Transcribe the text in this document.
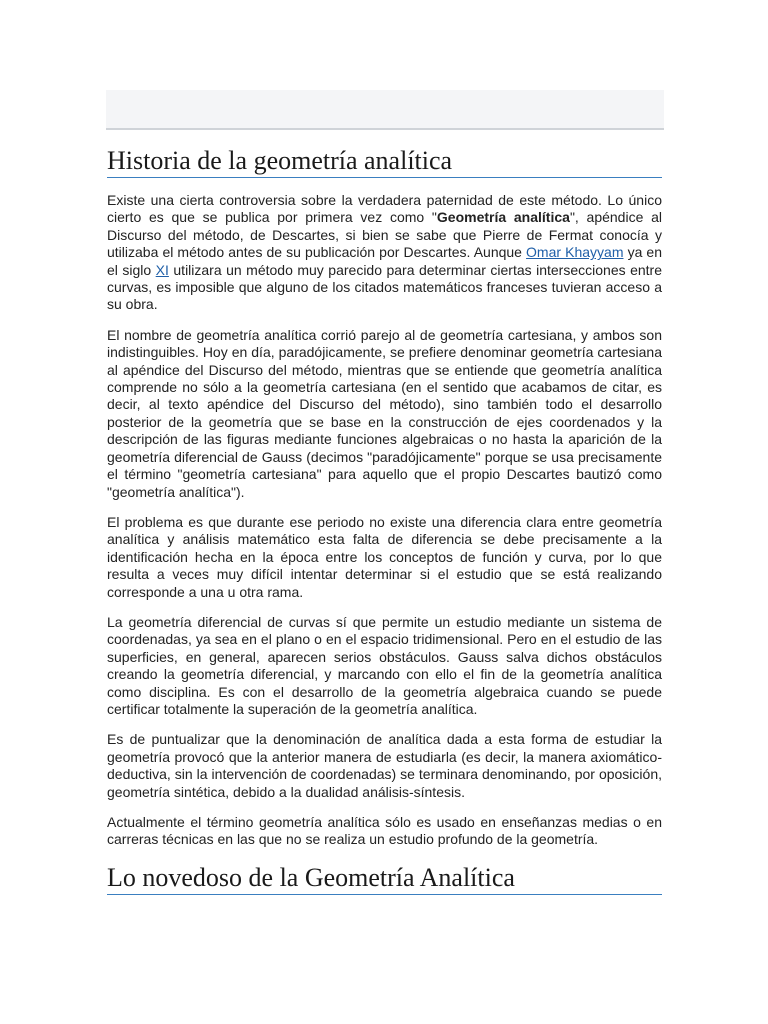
Historia de la geometría analítica

Existe una cierta controversia sobre la verdadera paternidad de este método. Lo único cierto es que se publica por primera vez como "Geometría analítica", apéndice al Discurso del método, de Descartes, si bien se sabe que Pierre de Fermat conocía y utilizaba el método antes de su publicación por Descartes. Aunque Omar Khayyam ya en el siglo XI utilizara un método muy parecido para determinar ciertas intersecciones entre curvas, es imposible que alguno de los citados matemáticos franceses tuvieran acceso a su obra.

El nombre de geometría analítica corrió parejo al de geometría cartesiana, y ambos son indistinguibles. Hoy en día, paradójicamente, se prefiere denominar geometría cartesiana al apéndice del Discurso del método, mientras que se entiende que geometría analítica comprende no sólo a la geometría cartesiana (en el sentido que acabamos de citar, es decir, al texto apéndice del Discurso del método), sino también todo el desarrollo posterior de la geometría que se base en la construcción de ejes coordenados y la descripción de las figuras mediante funciones algebraicas o no hasta la aparición de la geometría diferencial de Gauss (decimos "paradójicamente" porque se usa precisamente el término "geometría cartesiana" para aquello que el propio Descartes bautizó como "geometría analítica").

El problema es que durante ese periodo no existe una diferencia clara entre geometría analítica y análisis matemático esta falta de diferencia se debe precisamente a la identificación hecha en la época entre los conceptos de función y curva, por lo que resulta a veces muy difícil intentar determinar si el estudio que se está realizando corresponde a una u otra rama.

La geometría diferencial de curvas sí que permite un estudio mediante un sistema de coordenadas, ya sea en el plano o en el espacio tridimensional. Pero en el estudio de las superficies, en general, aparecen serios obstáculos. Gauss salva dichos obstáculos creando la geometría diferencial, y marcando con ello el fin de la geometría analítica como disciplina. Es con el desarrollo de la geometría algebraica cuando se puede certificar totalmente la superación de la geometría analítica.

Es de puntualizar que la denominación de analítica dada a esta forma de estudiar la geometría provocó que la anterior manera de estudiarla (es decir, la manera axiomático-deductiva, sin la intervención de coordenadas) se terminara denominando, por oposición, geometría sintética, debido a la dualidad análisis-síntesis.

Actualmente el término geometría analítica sólo es usado en enseñanzas medias o en carreras técnicas en las que no se realiza un estudio profundo de la geometría.

Lo novedoso de la Geometría Analítica
